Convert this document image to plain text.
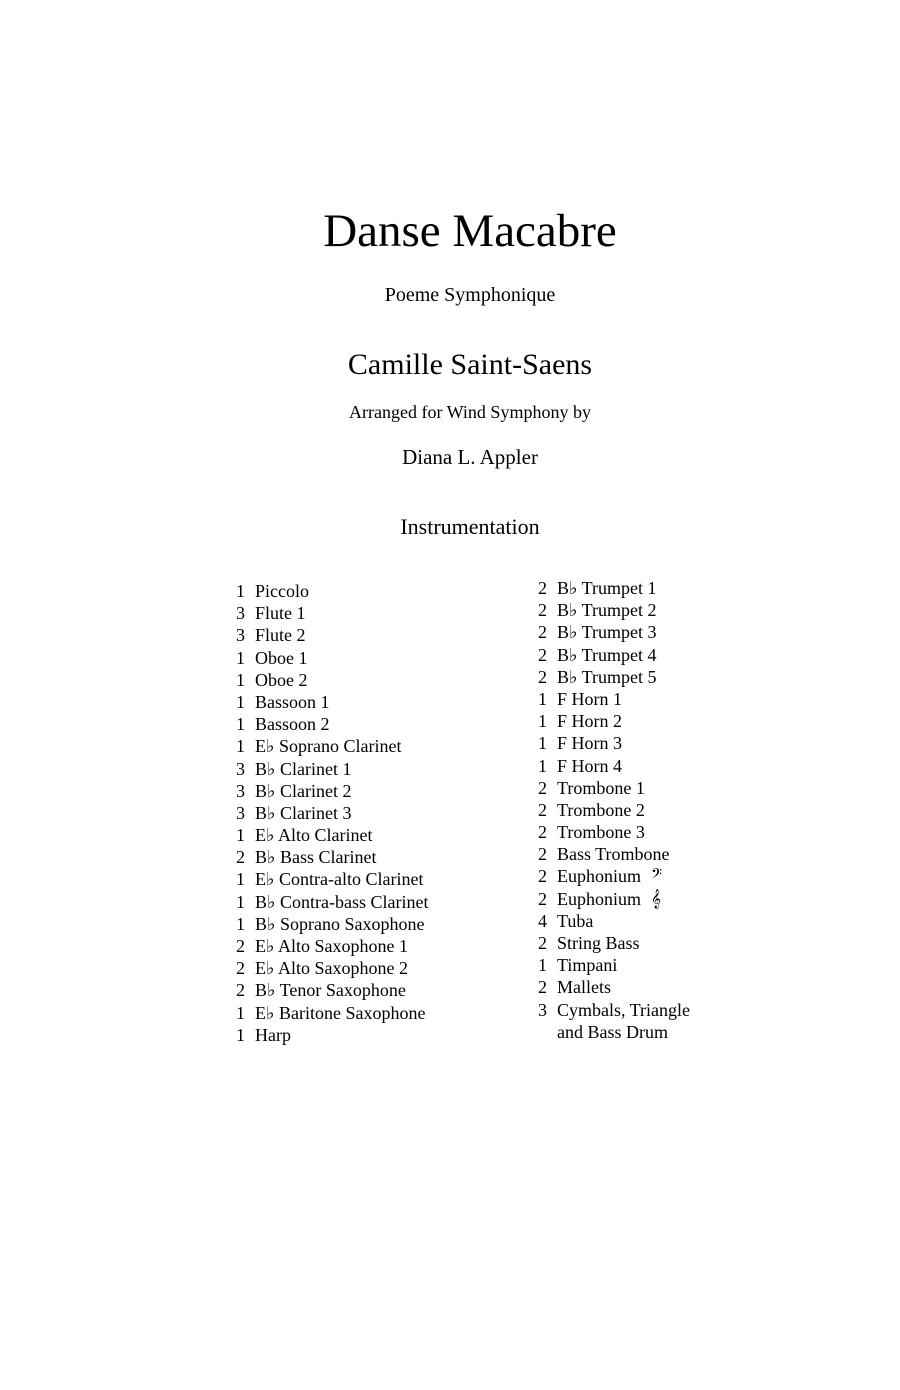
Danse Macabre
Poeme Symphonique
Camille Saint-Saens
Arranged for Wind Symphony by
Diana L. Appler
Instrumentation
1 Piccolo
3 Flute 1
3 Flute 2
1 Oboe 1
1 Oboe 2
1 Bassoon 1
1 Bassoon 2
1 E♭ Soprano Clarinet
3 B♭ Clarinet 1
3 B♭ Clarinet 2
3 B♭ Clarinet 3
1 E♭ Alto Clarinet
2 B♭ Bass Clarinet
1 E♭ Contra-alto Clarinet
1 B♭ Contra-bass Clarinet
1 B♭ Soprano Saxophone
2 E♭ Alto Saxophone 1
2 E♭ Alto Saxophone 2
2 B♭ Tenor Saxophone
1 E♭ Baritone Saxophone
1 Harp
2 B♭ Trumpet 1
2 B♭ Trumpet 2
2 B♭ Trumpet 3
2 B♭ Trumpet 4
2 B♭ Trumpet 5
1 F Horn 1
1 F Horn 2
1 F Horn 3
1 F Horn 4
2 Trombone 1
2 Trombone 2
2 Trombone 3
2 Bass Trombone
2 Euphonium 𝄢
2 Euphonium 𝄞
4 Tuba
2 String Bass
1 Timpani
2 Mallets
3 Cymbals, Triangle
and Bass Drum
